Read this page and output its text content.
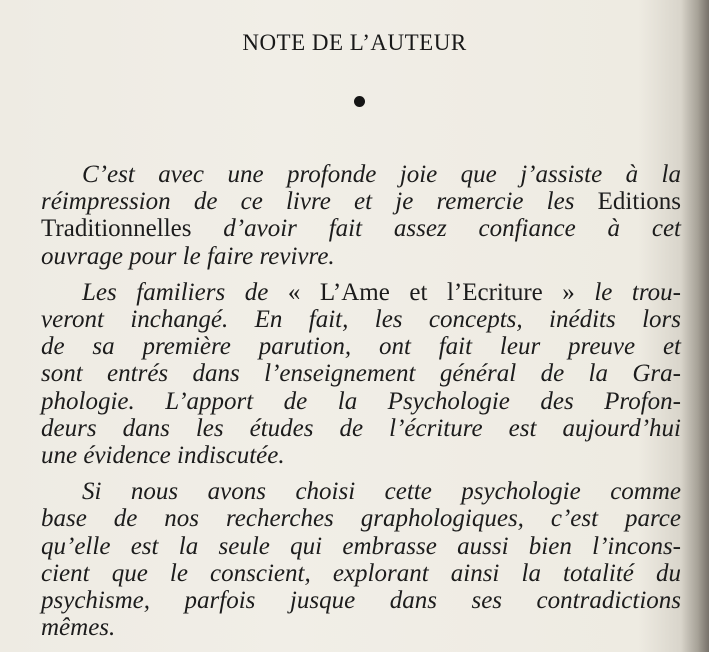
NOTE DE L’AUTEUR

C’est avec une profonde joie que j’assiste à la
réimpression de ce livre et je remercie les Editions
Traditionnelles d’avoir fait assez confiance à cet
ouvrage pour le faire revivre.

Les familiers de « L’Ame et l’Ecriture » le trou-
veront inchangé. En fait, les concepts, inédits lors
de sa première parution, ont fait leur preuve et
sont entrés dans l’enseignement général de la Gra-
phologie. L’apport de la Psychologie des Profon-
deurs dans les études de l’écriture est aujourd’hui
une évidence indiscutée.

Si nous avons choisi cette psychologie comme
base de nos recherches graphologiques, c’est parce
qu’elle est la seule qui embrasse aussi bien l’incons-
cient que le conscient, explorant ainsi la totalité du
psychisme, parfois jusque dans ses contradictions
mêmes.
